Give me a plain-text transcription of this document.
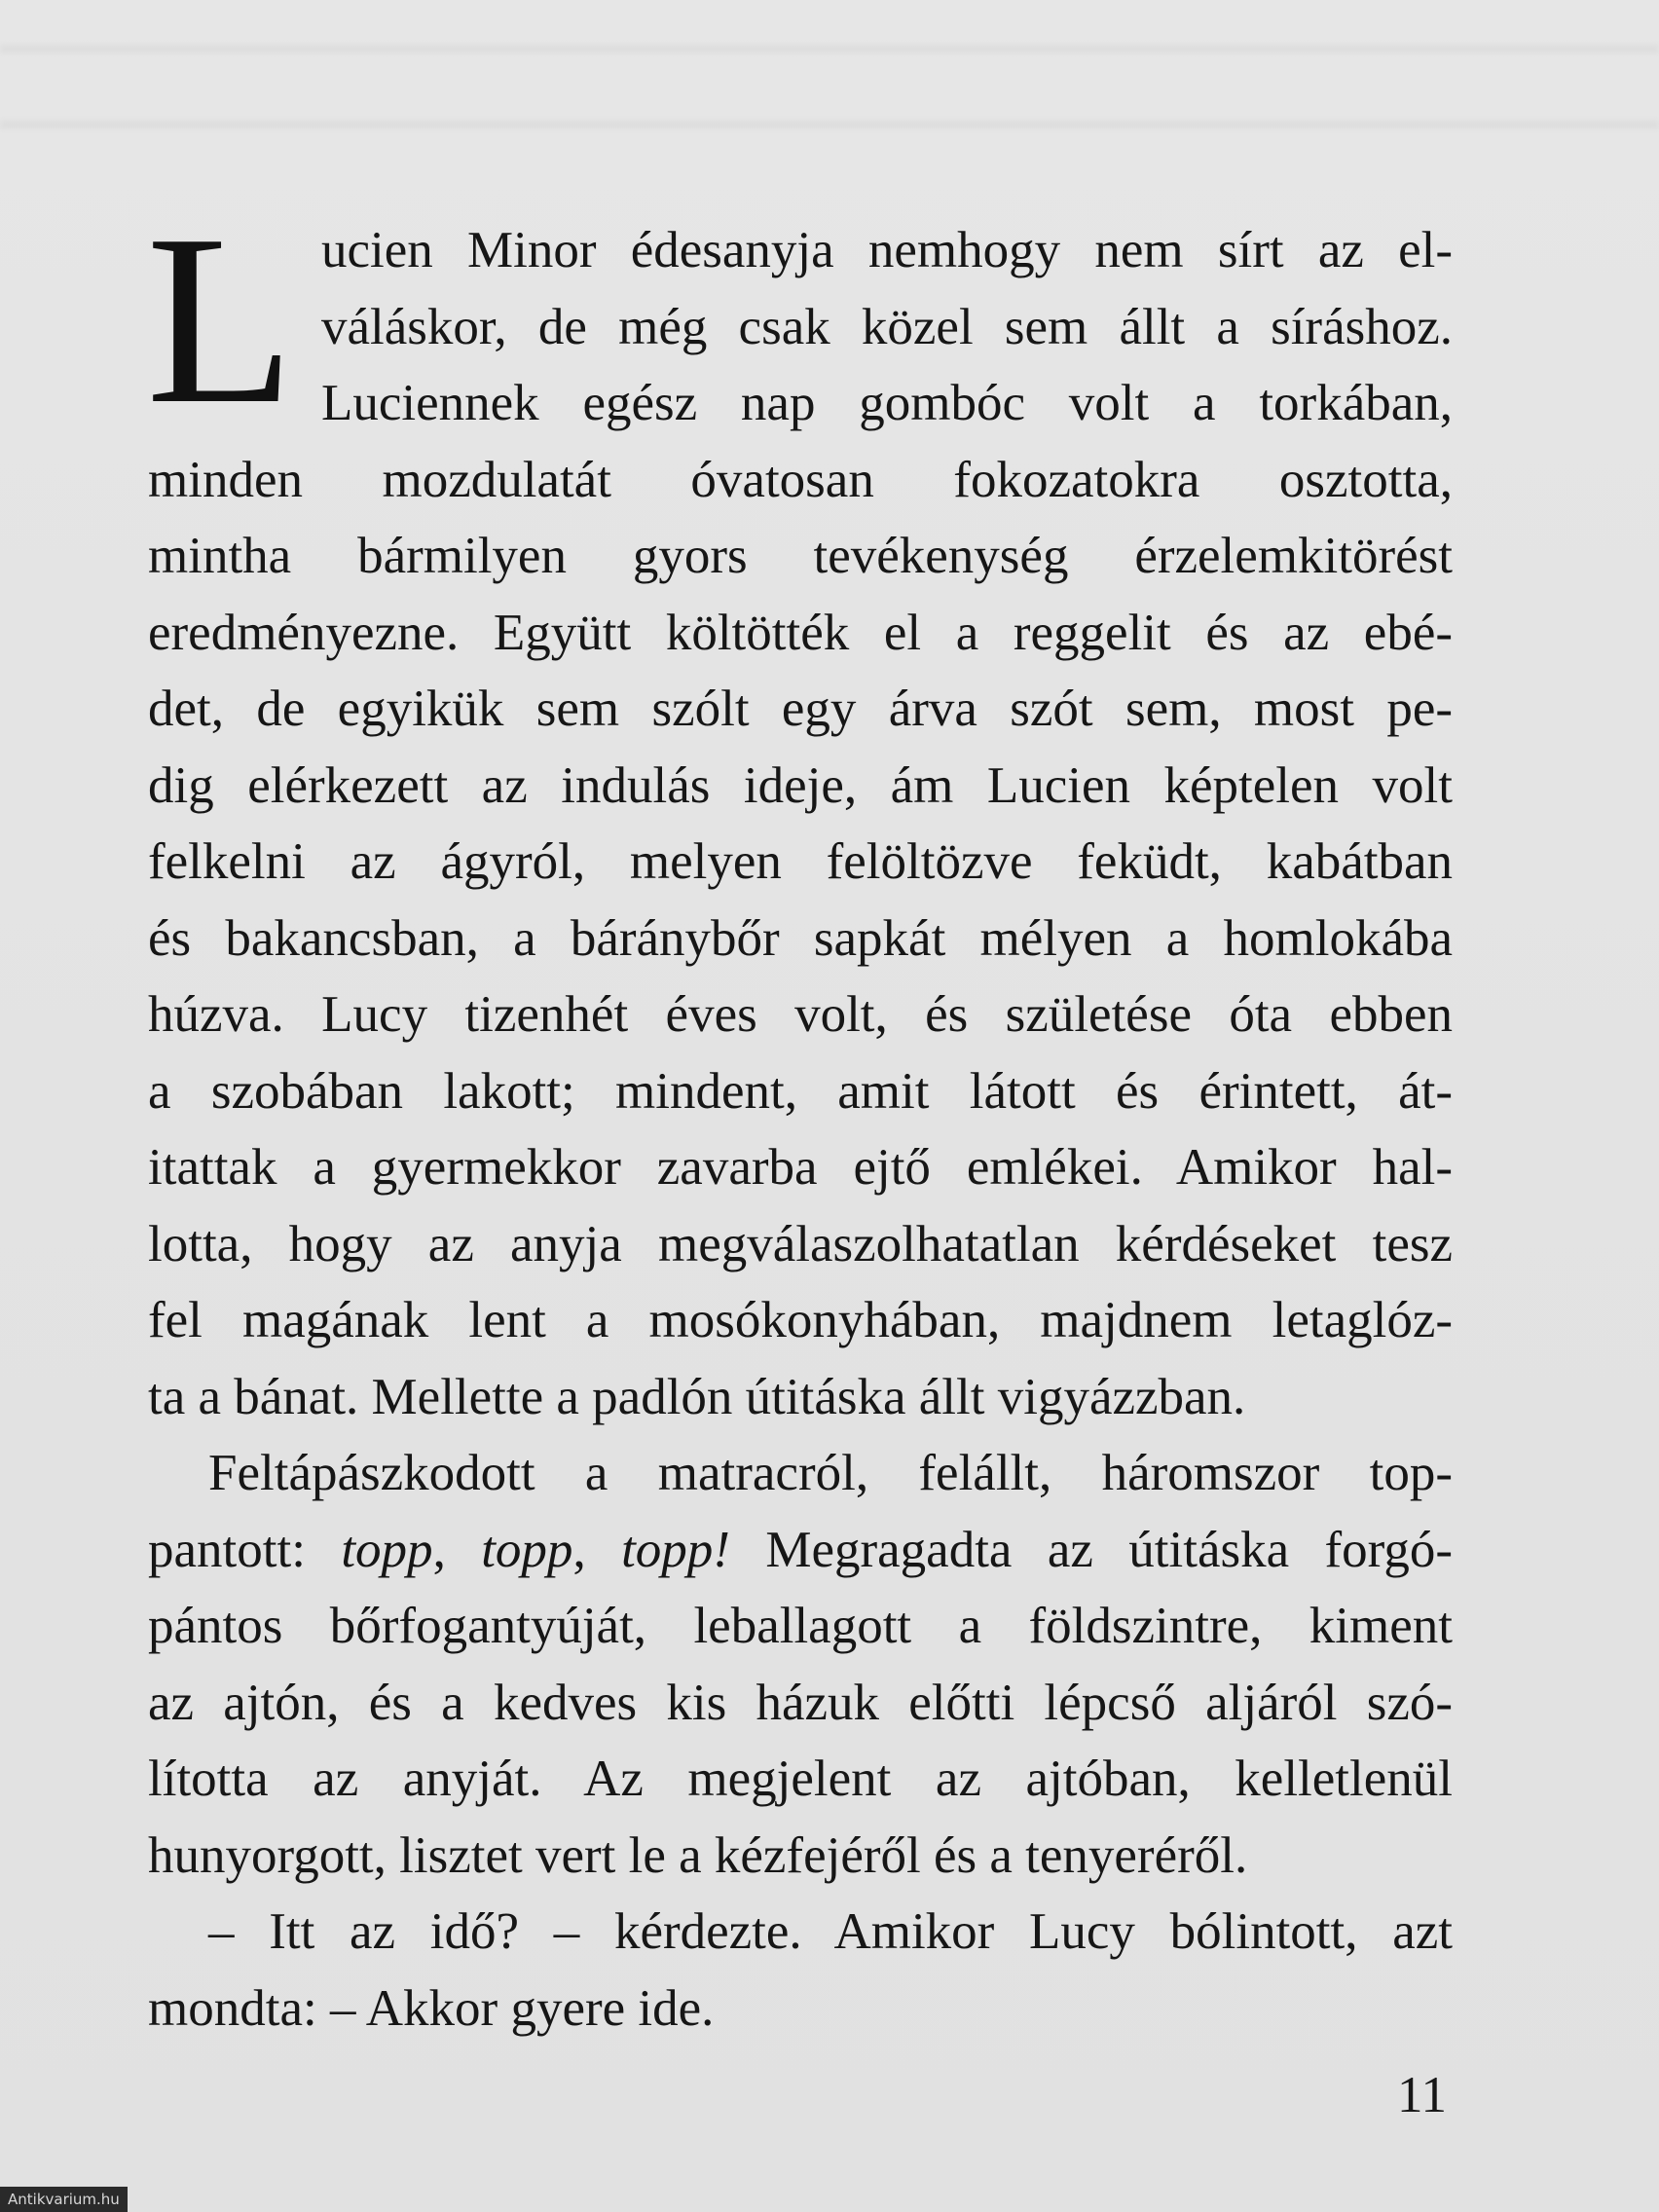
L ucien Minor édesanyja nemhogy nem sírt az el-
váláskor, de még csak közel sem állt a síráshoz.
Luciennek egész nap gombóc volt a torkában,
minden mozdulatát óvatosan fokozatokra osztotta,
mintha bármilyen gyors tevékenység érzelemkitörést
eredményezne. Együtt költötték el a reggelit és az ebé-
det, de egyikük sem szólt egy árva szót sem, most pe-
dig elérkezett az indulás ideje, ám Lucien képtelen volt
felkelni az ágyról, melyen felöltözve feküdt, kabátban
és bakancsban, a báránybőr sapkát mélyen a homlokába
húzva. Lucy tizenhét éves volt, és születése óta ebben
a szobában lakott; mindent, amit látott és érintett, át-
itattak a gyermekkor zavarba ejtő emlékei. Amikor hal-
lotta, hogy az anyja megválaszolhatatlan kérdéseket tesz
fel magának lent a mosókonyhában, majdnem letaglóz-
ta a bánat. Mellette a padlón útitáska állt vigyázzban.
Feltápászkodott a matracról, felállt, háromszor top-
pantott: topp, topp, topp! Megragadta az útitáska forgó-
pántos bőrfogantyúját, leballagott a földszintre, kiment
az ajtón, és a kedves kis házuk előtti lépcső aljáról szó-
lította az anyját. Az megjelent az ajtóban, kelletlenül
hunyorgott, lisztet vert le a kézfejéről és a tenyeréről.
– Itt az idő? – kérdezte. Amikor Lucy bólintott, azt
mondta: – Akkor gyere ide.
11
Antikvarium.hu
